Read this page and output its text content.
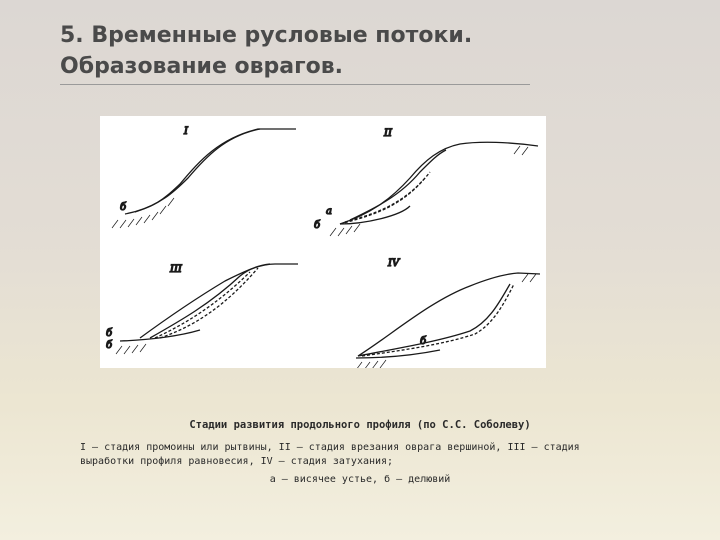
5. Временные русловые потоки.
Образование оврагов.
I
б
II
а
б
III
б
б
IV
б
Стадии развития продольного профиля (по С.С. Соболеву)
I – стадия промоины или рытвины, II – стадия врезания оврага вершиной, III – стадия выработки профиля равновесия, IV – стадия затухания;
а – висячее устье, б – делювий
